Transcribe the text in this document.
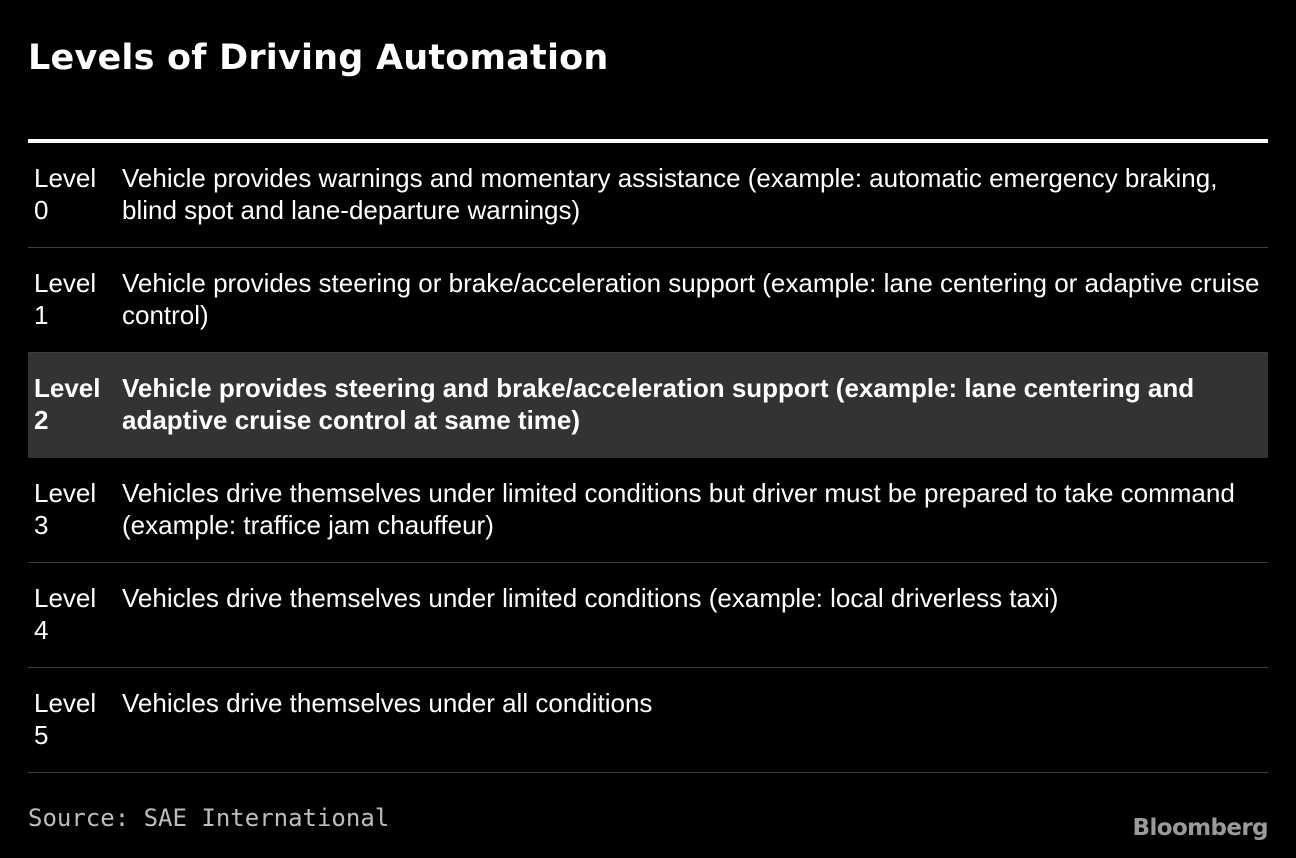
Levels of Driving Automation
Level 0
Vehicle provides warnings and momentary assistance (example: automatic emergency braking, blind spot and lane-departure warnings)
Level 1
Vehicle provides steering or brake/acceleration support (example: lane centering or adaptive cruise control)
Level 2
Vehicle provides steering and brake/acceleration support (example: lane centering and adaptive cruise control at same time)
Level 3
Vehicles drive themselves under limited conditions but driver must be prepared to take command (example: traffice jam chauffeur)
Level 4
Vehicles drive themselves under limited conditions (example: local driverless taxi)
Level 5
Vehicles drive themselves under all conditions
Source: SAE International	Bloomberg
